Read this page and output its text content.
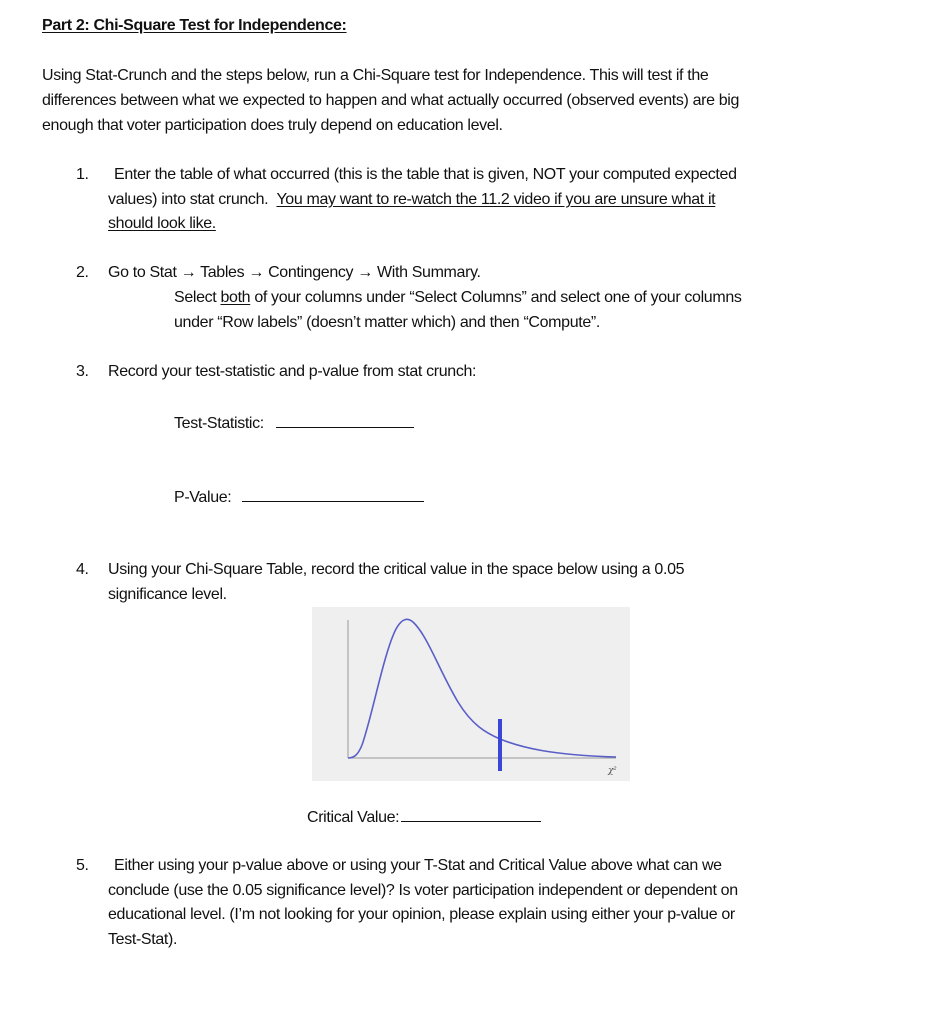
Part 2: Chi-Square Test for Independence:
Using Stat-Crunch and the steps below, run a Chi-Square test for Independence. This will test if the
differences between what we expected to happen and what actually occurred (observed events) are big
enough that voter participation does truly depend on education level.
1. Enter the table of what occurred (this is the table that is given, NOT your computed expected
values) into stat crunch. You may want to re-watch the 11.2 video if you are unsure what it
should look like.
2. Go to Stat → Tables → Contingency → With Summary.
Select both of your columns under “Select Columns” and select one of your columns
under “Row labels” (doesn’t matter which) and then “Compute”.
3. Record your test-statistic and p-value from stat crunch:
Test-Statistic:
P-Value:
4. Using your Chi-Square Table, record the critical value in the space below using a 0.05
significance level.
χ²
Critical Value:
5. Either using your p-value above or using your T-Stat and Critical Value above what can we
conclude (use the 0.05 significance level)? Is voter participation independent or dependent on
educational level. (I’m not looking for your opinion, please explain using either your p-value or
Test-Stat).
